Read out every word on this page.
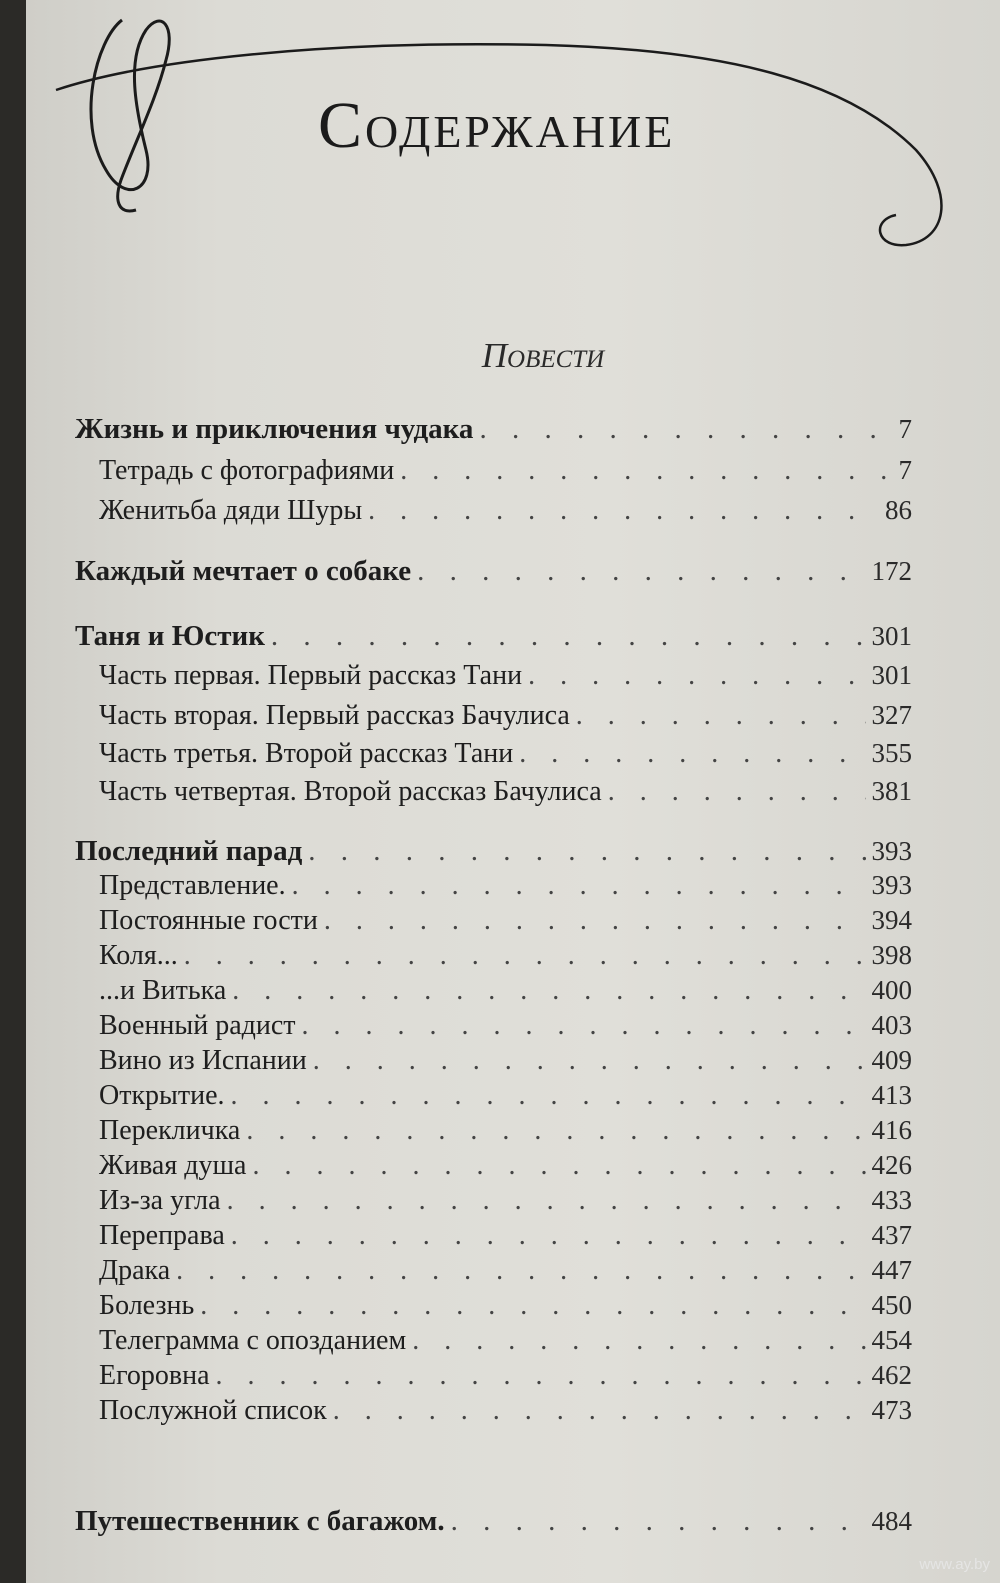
Содержание
Повести
Жизнь и приключения чудака . . .	7
Тетрадь с фотографиями . . .	7
Женитьба дяди Шуры . . .	86
Каждый мечтает о собаке . . .	172
Таня и Юстик . . .	301
Часть первая. Первый рассказ Тани . . .	301
Часть вторая. Первый рассказ Бачулиса . . .	327
Часть третья. Второй рассказ Тани . . .	355
Часть четвертая. Второй рассказ Бачулиса . . .	381
Последний парад . . .	393
Представление. . . .	393
Постоянные гости . . .	394
Коля... . . .	398
...и Витька . . .	400
Военный радист . . .	403
Вино из Испании . . .	409
Открытие. . . .	413
Перекличка . . .	416
Живая душа . . .	426
Из-за угла . . .	433
Переправа . . .	437
Драка . . .	447
Болезнь . . .	450
Телеграмма с опозданием . . .	454
Егоровна . . .	462
Послужной список . . .	473
Путешественник с багажом. . . .	484
www.ay.by
